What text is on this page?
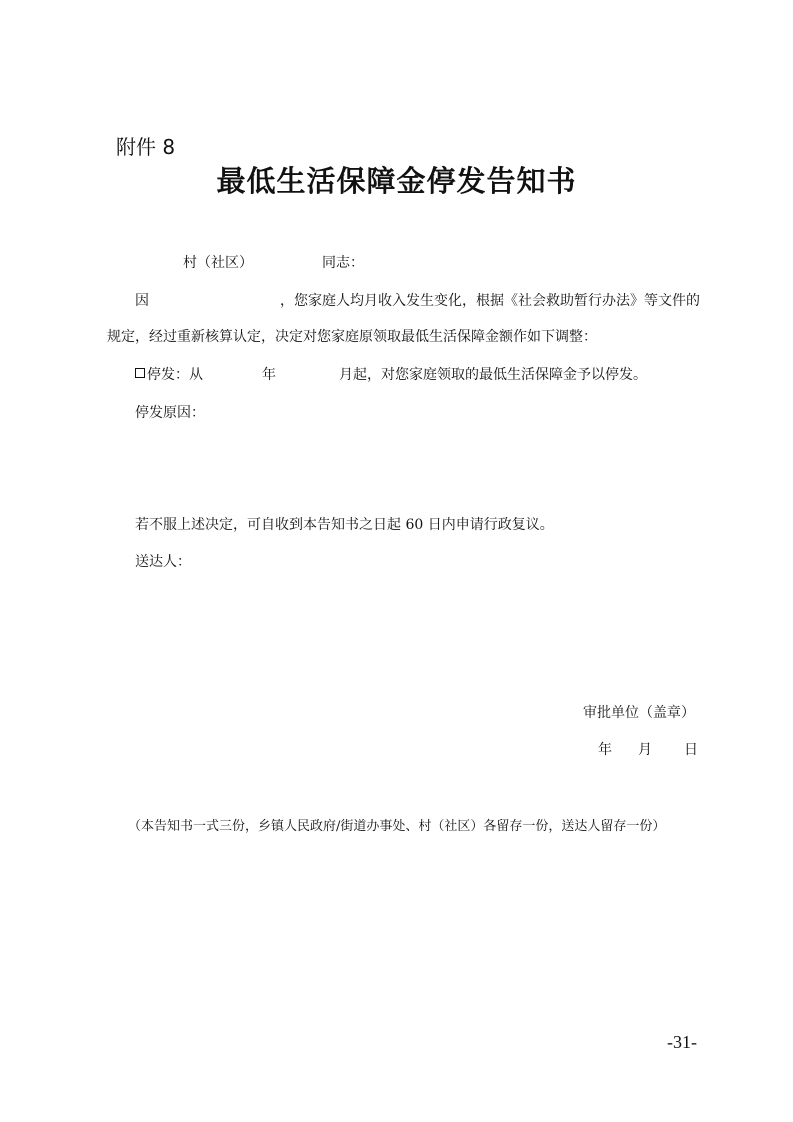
附件 8
最低生活保障金停发告知书
村（社区）	同志：
因	，您家庭人均月收入发生变化，根据《社会救助暂行办法》等文件的
规定，经过重新核算认定，决定对您家庭原领取最低生活保障金额作如下调整：
停发：从	年	月起，对您家庭领取的最低生活保障金予以停发。
停发原因：
若不服上述决定，可自收到本告知书之日起 60 日内申请行政复议。
送达人：
审批单位（盖章）
年 月 日
（本告知书一式三份，乡镇人民政府/街道办事处、村（社区）各留存一份，送达人留存一份）
-31-
